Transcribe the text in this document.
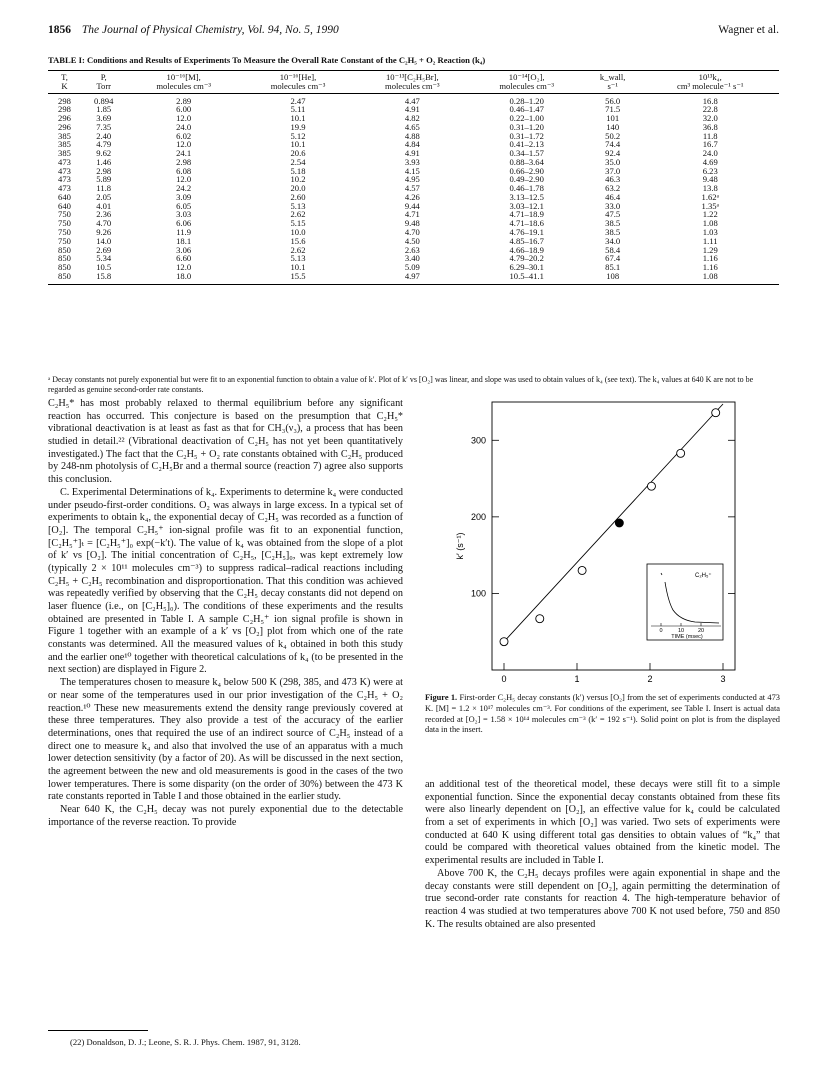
1856 The Journal of Physical Chemistry, Vol. 94, No. 5, 1990	Wagner et al.
TABLE I: Conditions and Results of Experiments To Measure the Overall Rate Constant of the C₂H₅ + O₂ Reaction (k₄)
T,	P,	10⁻¹⁶[M],	10⁻¹⁶[He],	10⁻¹³[C₂H₅Br],	10⁻¹⁴[O₂],	k_wall,	10¹³k₄,
K	Torr	molecules cm⁻³	molecules cm⁻³	molecules cm⁻³	molecules cm⁻³	s⁻¹	cm³ molecule⁻¹ s⁻¹
298	0.894	2.89	2.47	4.47	0.28–1.20	56.0	16.8
298	1.85	6.00	5.11	4.91	0.46–1.47	71.5	22.8
296	3.69	12.0	10.1	4.82	0.22–1.00	101	32.0
296	7.35	24.0	19.9	4.65	0.31–1.20	140	36.8
385	2.40	6.02	5.12	4.88	0.31–1.72	50.2	11.8
385	4.79	12.0	10.1	4.84	0.41–2.13	74.4	16.7
385	9.62	24.1	20.6	4.91	0.34–1.57	92.4	24.0
473	1.46	2.98	2.54	3.93	0.88–3.64	35.0	4.69
473	2.98	6.08	5.18	4.15	0.66–2.90	37.0	6.23
473	5.89	12.0	10.2	4.95	0.49–2.90	46.3	9.48
473	11.8	24.2	20.0	4.57	0.46–1.78	63.2	13.8
640	2.05	3.09	2.60	4.26	3.13–12.5	46.4	1.62ᵃ
640	4.01	6.05	5.13	9.44	3.03–12.1	33.0	1.35ᵃ
750	2.36	3.03	2.62	4.71	4.71–18.9	47.5	1.22
750	4.70	6.06	5.15	9.48	4.71–18.6	38.5	1.08
750	9.26	11.9	10.0	4.70	4.76–19.1	38.5	1.03
750	14.0	18.1	15.6	4.50	4.85–16.7	34.0	1.11
850	2.69	3.06	2.62	2.63	4.66–18.9	58.4	1.29
850	5.34	6.60	5.13	3.40	4.79–20.2	67.4	1.16
850	10.5	12.0	10.1	5.09	6.29–30.1	85.1	1.16
850	15.8	18.0	15.5	4.97	10.5–41.1	108	1.08
ᵃ Decay constants not purely exponential but were fit to an exponential function to obtain a value of k′. Plot of k′ vs [O₂] was linear, and slope was used to obtain values of k₄ (see text). The k₄ values at 640 K are not to be regarded as genuine second-order rate constants.

C₂H₅* has most probably relaxed to thermal equilibrium before any significant reaction has occurred. This conjecture is based on the presumption that C₂H₅* vibrational deactivation is at least as fast as that for CH₃(ν₃), a process that has been studied in detail.²² (Vibrational deactivation of C₂H₅ has not yet been quantitatively investigated.) The fact that the C₂H₅ + O₂ rate constants obtained with C₂H₅ produced by 248-nm photolysis of C₂H₅Br and a thermal source (reaction 7) agree also supports this conclusion.

C. Experimental Determinations of k₄. Experiments to determine k₄ were conducted under pseudo-first-order conditions. O₂ was always in large excess. In a typical set of experiments to obtain k₄, the exponential decay of C₂H₅ was recorded as a function of [O₂]. The temporal C₂H₅⁺ ion-signal profile was fit to an exponential function, [C₂H₅⁺]ₜ = [C₂H₅⁺]₀ exp(−k′t). The value of k₄ was obtained from the slope of a plot of k′ vs [O₂]. The initial concentration of C₂H₅, [C₂H₅]₀, was kept extremely low (typically 2 × 10¹¹ molecules cm⁻³) to suppress radical–radical reactions including C₂H₅ + C₂H₅ recombination and disproportionation. That this condition was achieved was repeatedly verified by observing that the C₂H₅ decay constants did not depend on laser fluence (i.e., on [C₂H₅]₀). The conditions of these experiments and the results obtained are presented in Table I. A sample C₂H₅⁺ ion signal profile is shown in Figure 1 together with an example of a k′ vs [O₂] plot from which one of the rate constants was determined. All the measured values of k₄ obtained in both this study and the earlier one¹⁰ together with theoretical calculations of k₄ (to be presented in the next section) are displayed in Figure 2.

The temperatures chosen to measure k₄ below 500 K (298, 385, and 473 K) were at or near some of the temperatures used in our prior investigation of the C₂H₅ + O₂ reaction.¹⁰ These new measurements extend the density range previously covered at these three temperatures. They also provide a test of the accuracy of the earlier determinations, ones that required the use of an indirect source of C₂H₅ instead of a direct one to measure k₄ and also that involved the use of an apparatus with a much lower detection sensitivity (by a factor of 20). As will be discussed in the next section, the agreement between the new and old measurements is good in the cases of the two lower temperatures. There is some disparity (on the order of 30%) between the 473 K rate constants reported in Table I and those obtained in the earlier study.

Near 640 K, the C₂H₅ decay was not purely exponential due to the detectable importance of the reverse reaction. To provide

(22) Donaldson, D. J.; Leone, S. R. J. Phys. Chem. 1987, 91, 3128.
100
200
300
0	1	2	3
k′ (s⁻¹)
C₂H₅⁺
0	10	20
TIME (msec)
Figure 1. First-order C₂H₅ decay constants (k′) versus [O₂] from the set of experiments conducted at 473 K. [M] = 1.2 × 10¹⁷ molecules cm⁻³. For conditions of the experiment, see Table I. Insert is actual data recorded at [O₂] = 1.58 × 10¹⁴ molecules cm⁻³ (k′ = 192 s⁻¹). Solid point on plot is from the displayed data in the insert.

an additional test of the theoretical model, these decays were still fit to a simple exponential function. Since the exponential decay constants obtained from these fits were also linearly dependent on [O₂], an effective value for k₄ could be calculated from a set of experiments in which [O₂] was varied. Two sets of experiments were conducted at 640 K using different total gas densities to obtain values of “k₄” that could be compared with theoretical values obtained from the kinetic model. The experimental results are included in Table I.

Above 700 K, the C₂H₅ decays profiles were again exponential in shape and the decay constants were still dependent on [O₂], again permitting the determination of true second-order rate constants for reaction 4. The high-temperature behavior of reaction 4 was studied at two temperatures above 700 K not used before, 750 and 850 K. The results obtained are also presented
